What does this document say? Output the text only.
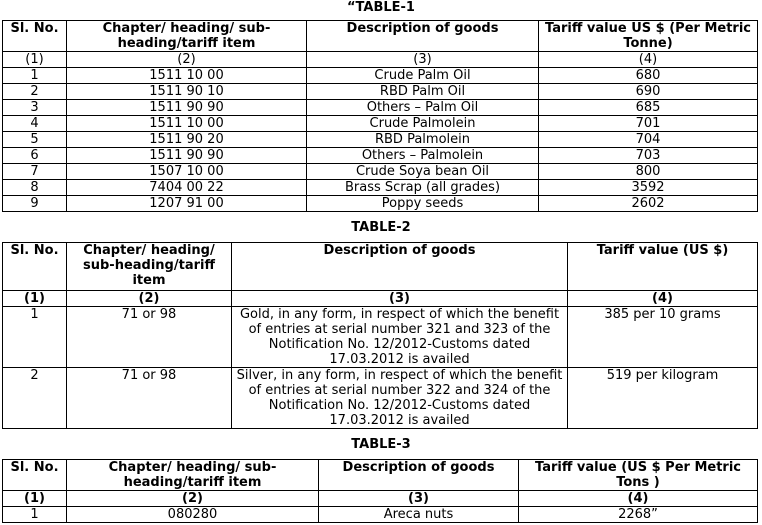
“TABLE-1
Sl. No.	Chapter/ heading/ sub-heading/tariff item	Description of goods	Tariff value US $ (Per Metric Tonne)
(1)	(2)	(3)	(4)
1	1511 10 00	Crude Palm Oil	680
2	1511 90 10	RBD Palm Oil	690
3	1511 90 90	Others – Palm Oil	685
4	1511 10 00	Crude Palmolein	701
5	1511 90 20	RBD Palmolein	704
6	1511 90 90	Others – Palmolein	703
7	1507 10 00	Crude Soya bean Oil	800
8	7404 00 22	Brass Scrap (all grades)	3592
9	1207 91 00	Poppy seeds	2602
TABLE-2
Sl. No.	Chapter/ heading/ sub-heading/tariff item	Description of goods	Tariff value (US $)
(1)	(2)	(3)	(4)
1	71 or 98	Gold, in any form, in respect of which the benefit of entries at serial number 321 and 323 of the Notification No. 12/2012-Customs dated 17.03.2012 is availed	385 per 10 grams
2	71 or 98	Silver, in any form, in respect of which the benefit of entries at serial number 322 and 324 of the Notification No. 12/2012-Customs dated 17.03.2012 is availed	519 per kilogram
TABLE-3
Sl. No.	Chapter/ heading/ sub-heading/tariff item	Description of goods	Tariff value (US $ Per Metric Tons )
(1)	(2)	(3)	(4)
1	080280	Areca nuts	2268”
